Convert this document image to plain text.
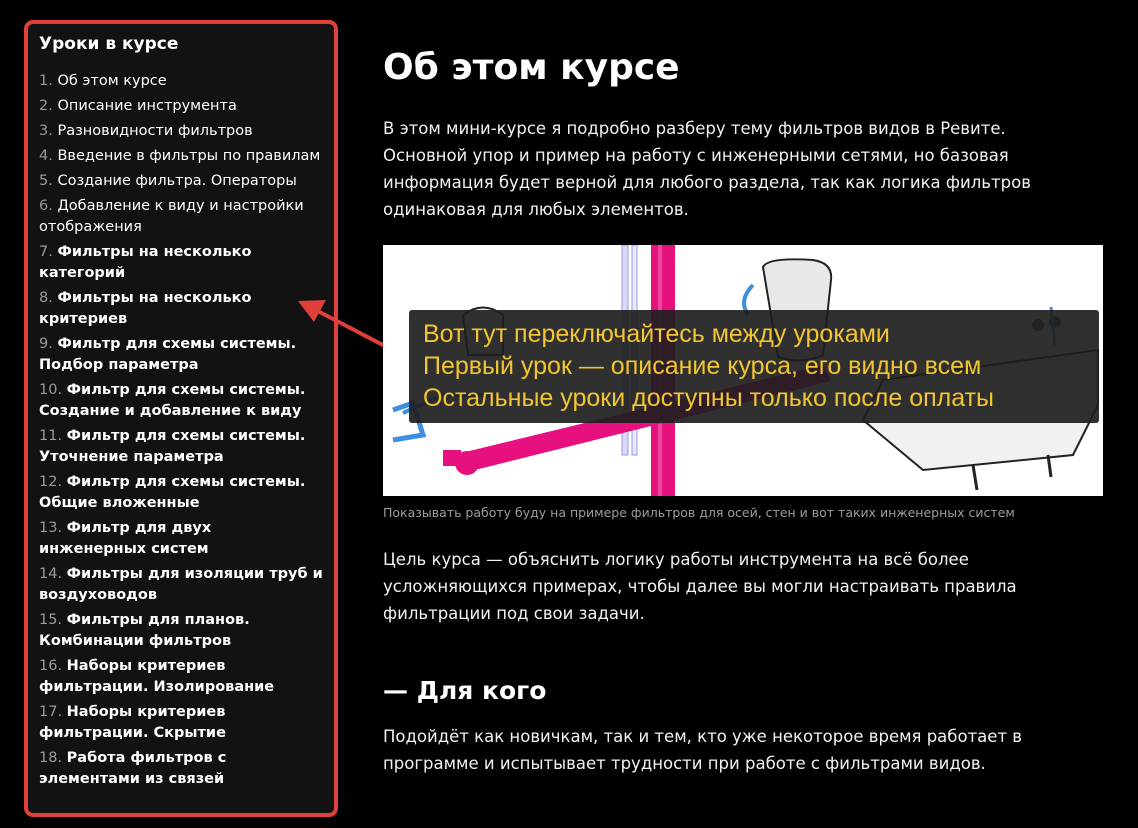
Уроки в курсе
1. Об этом курсе
2. Описание инструмента
3. Разновидности фильтров
4. Введение в фильтры по правилам
5. Создание фильтра. Операторы
6. Добавление к виду и настройки отображения
7. Фильтры на несколько категорий
8. Фильтры на несколько критериев
9. Фильтр для схемы системы. Подбор параметра
10. Фильтр для схемы системы. Создание и добавление к виду
11. Фильтр для схемы системы. Уточнение параметра
12. Фильтр для схемы системы. Общие вложенные
13. Фильтр для двух инженерных систем
14. Фильтры для изоляции труб и воздуховодов
15. Фильтры для планов. Комбинации фильтров
16. Наборы критериев фильтрации. Изолирование
17. Наборы критериев фильтрации. Скрытие
18. Работа фильтров с элементами из связей
Об этом курсе

В этом мини-курсе я подробно разберу тему фильтров видов в Ревите. Основной упор и пример на работу с инженерными сетями, но базовая информация будет верной для любого раздела, так как логика фильтров одинаковая для любых элементов.

Вот тут переключайтесь между уроками
Первый урок — описание курса, его видно всем
Остальные уроки доступны только после оплаты
Показывать работу буду на примере фильтров для осей, стен и вот таких инженерных систем

Цель курса — объяснить логику работы инструмента на всё более усложняющихся примерах, чтобы далее вы могли настраивать правила фильтрации под свои задачи.

— Для кого

Подойдёт как новичкам, так и тем, кто уже некоторое время работает в программе и испытывает трудности при работе с фильтрами видов.
